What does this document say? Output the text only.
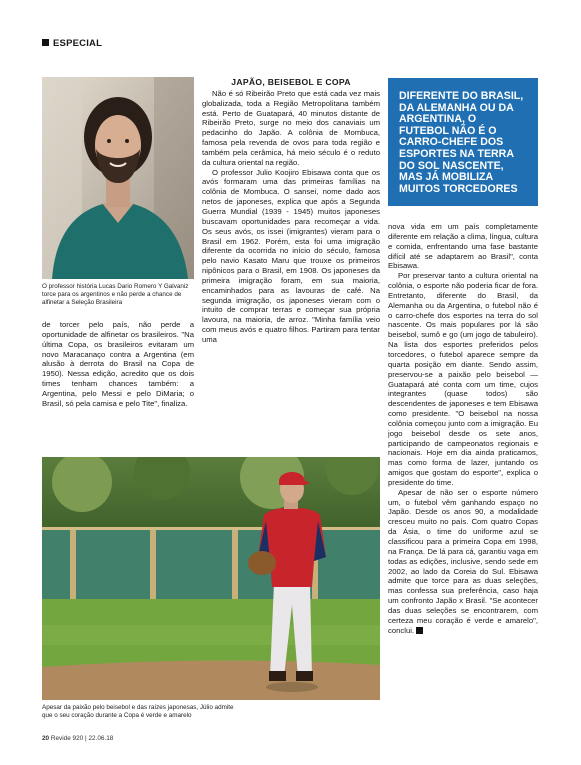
ESPECIAL
O professor história Lucas Dario Romero Y Galvaniz torce para os argentinos e não perde a chance de alfinetar a Seleção Brasileira

de torcer pelo país, não perde a oportunidade de alfinetar os brasileiros. "Na última Copa, os brasileiros evitaram um novo Maracanaço contra a Argentina (em alusão à derrota do Brasil na Copa de 1950). Nessa edição, acredito que os dois times tenham chances também: a Argentina, pelo Messi e pelo DiMaria; o Brasil, só pela camisa e pelo Tite", finaliza.

JAPÃO, BEISEBOL E COPA

Não é só Ribeirão Preto que está cada vez mais globalizada, toda a Região Metropolitana também está. Perto de Guatapará, 40 minutos distante de Ribeirão Preto, surge no meio dos canaviais um pedacinho do Japão. A colônia de Mombuca, famosa pela revenda de ovos para toda região e também pela cerâmica, há meio século é o reduto da cultura oriental na região.

O professor Julio Koojiro Ebisawa conta que os avós formaram uma das primeiras famílias na colônia de Mombuca. O sansei, nome dado aos netos de japoneses, explica que após a Segunda Guerra Mundial (1939 - 1945) muitos japoneses buscavam oportunidades para recomeçar a vida. Os seus avós, os issei (imigrantes) vieram para o Brasil em 1962. Porém, esta foi uma imigração diferente da ocorrida no início do século, famosa pelo navio Kasato Maru que trouxe os primeiros nipônicos para o Brasil, em 1908. Os japoneses da primeira imigração foram, em sua maioria, encaminhados para as lavouras de café. Na segunda imigração, os japoneses vieram com o intuito de comprar terras e começar sua própria lavoura, na maioria, de arroz. "Minha família veio com meus avós e quatro filhos. Partiram para tentar uma

DIFERENTE DO BRASIL, DA ALEMANHA OU DA ARGENTINA, O FUTEBOL NÃO É O CARRO-CHEFE DOS ESPORTES NA TERRA DO SOL NASCENTE, MAS JÁ MOBILIZA MUITOS TORCEDORES

nova vida em um país completamente diferente em relação a clima, língua, cultura e comida, enfrentando uma fase bastante difícil até se adaptarem ao Brasil", conta Ebisawa.

Por preservar tanto a cultura oriental na colônia, o esporte não poderia ficar de fora. Entretanto, diferente do Brasil, da Alemanha ou da Argentina, o futebol não é o carro-chefe dos esportes na terra do sol nascente. Os mais populares por lá são beisebol, sumô e go (um jogo de tabuleiro). Na lista dos esportes preferidos pelos torcedores, o futebol aparece sempre da quarta posição em diante. Sendo assim, preservou-se a paixão pelo beisebol — Guatapará até conta com um time, cujos integrantes (quase todos) são descendentes de japoneses e tem Ebisawa como presidente. "O beisebol na nossa colônia começou junto com a imigração. Eu jogo beisebol desde os sete anos, participando de campeonatos regionais e nacionais. Hoje em dia ainda praticamos, mas como forma de lazer, juntando os amigos que gostam do esporte", explica o presidente do time.

Apesar de não ser o esporte número um, o futebol vêm ganhando espaço no Japão. Desde os anos 90, a modalidade cresceu muito no país. Com quatro Copas da Ásia, o time do uniforme azul se classificou para a primeira Copa em 1998, na França. De lá para cá, garantiu vaga em todas as edições, inclusive, sendo sede em 2002, ao lado da Coreia do Sul. Ebisawa admite que torce para as duas seleções, mas confessa sua preferência, caso haja um confronto Japão x Brasil. "Se acontecer das duas seleções se encontrarem, com certeza meu coração é verde e amarelo", conclui.

Apesar da paixão pelo beisebol e das raízes japonesas, Júlio admite que o seu coração durante a Copa é verde e amarelo
20 Revide 920 | 22.06.18
